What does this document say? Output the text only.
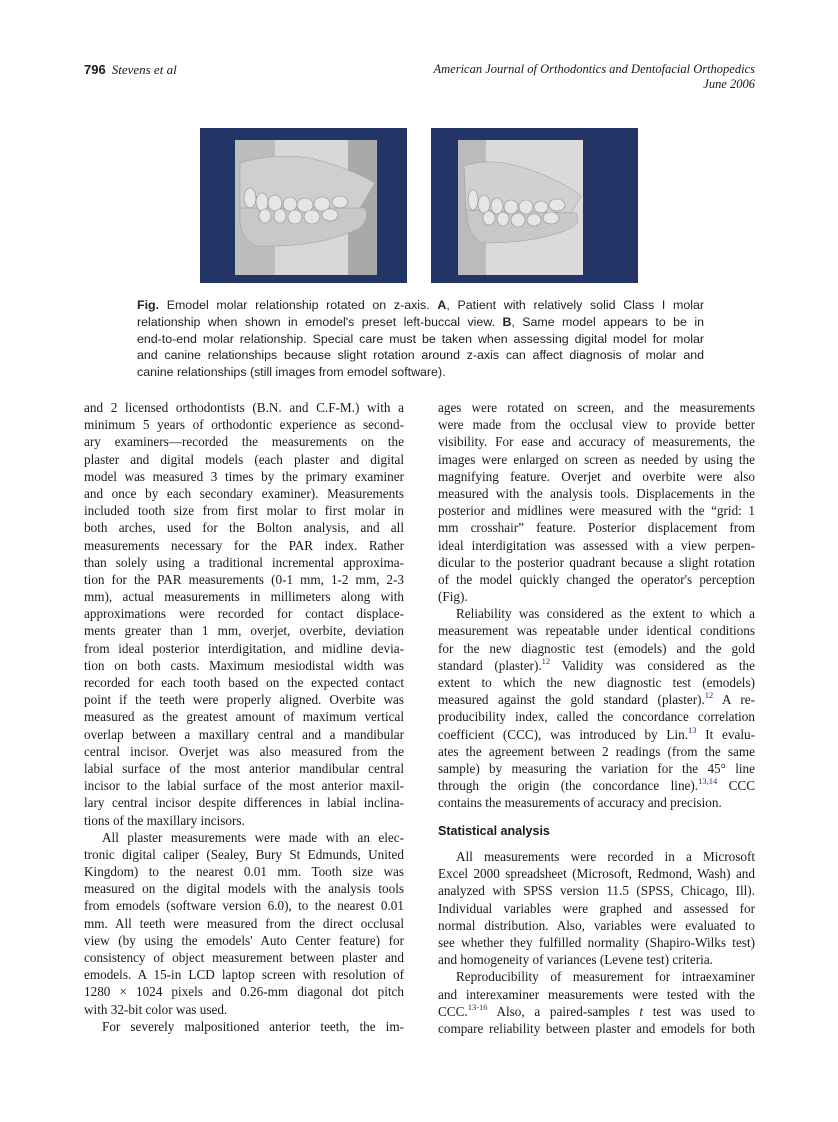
796 Stevens et al	American Journal of Orthodontics and Dentofacial Orthopedics
June 2006
A	B
Fig. Emodel molar relationship rotated on z-axis. A, Patient with relatively solid Class I molar
relationship when shown in emodel's preset left-buccal view. B, Same model appears to be in
end-to-end molar relationship. Special care must be taken when assessing digital model for molar
and canine relationships because slight rotation around z-axis can affect diagnosis of molar and
canine relationships (still images from emodel software).
and 2 licensed orthodontists (B.N. and C.F-M.) with a
minimum 5 years of orthodontic experience as second-
ary examiners—recorded the measurements on the
plaster and digital models (each plaster and digital
model was measured 3 times by the primary examiner
and once by each secondary examiner). Measurements
included tooth size from first molar to first molar in
both arches, used for the Bolton analysis, and all
measurements necessary for the PAR index. Rather
than solely using a traditional incremental approxima-
tion for the PAR measurements (0-1 mm, 1-2 mm, 2-3
mm), actual measurements in millimeters along with
approximations were recorded for contact displace-
ments greater than 1 mm, overjet, overbite, deviation
from ideal posterior interdigitation, and midline devia-
tion on both casts. Maximum mesiodistal width was
recorded for each tooth based on the expected contact
point if the teeth were properly aligned. Overbite was
measured as the greatest amount of maximum vertical
overlap between a maxillary central and a mandibular
central incisor. Overjet was also measured from the
labial surface of the most anterior mandibular central
incisor to the labial surface of the most anterior maxil-
lary central incisor despite differences in labial inclina-
tions of the maxillary incisors.
All plaster measurements were made with an elec-
tronic digital caliper (Sealey, Bury St Edmunds, United
Kingdom) to the nearest 0.01 mm. Tooth size was
measured on the digital models with the analysis tools
from emodels (software version 6.0), to the nearest 0.01
mm. All teeth were measured from the direct occlusal
view (by using the emodels' Auto Center feature) for
consistency of object measurement between plaster and
emodels. A 15-in LCD laptop screen with resolution of
1280 × 1024 pixels and 0.26-mm diagonal dot pitch
with 32-bit color was used.
For severely malpositioned anterior teeth, the im-
ages were rotated on screen, and the measurements
were made from the occlusal view to provide better
visibility. For ease and accuracy of measurements, the
images were enlarged on screen as needed by using the
magnifying feature. Overjet and overbite were also
measured with the analysis tools. Displacements in the
posterior and midlines were measured with the “grid: 1
mm crosshair” feature. Posterior displacement from
ideal interdigitation was assessed with a view perpen-
dicular to the posterior quadrant because a slight rotation
of the model quickly changed the operator's perception
(Fig).
Reliability was considered as the extent to which a
measurement was repeatable under identical conditions
for the new diagnostic test (emodels) and the gold
standard (plaster).$^{12}$ Validity was considered as the
extent to which the new diagnostic test (emodels)
measured against the gold standard (plaster).$^{12}$ A re-
producibility index, called the concordance correlation
coefficient (CCC), was introduced by Lin.$^{13}$ It evalu-
ates the agreement between 2 readings (from the same
sample) by measuring the variation for the 45° line
through the origin (the concordance line).$^{13,14}$ CCC
contains the measurements of accuracy and precision.
Statistical analysis
All measurements were recorded in a Microsoft
Excel 2000 spreadsheet (Microsoft, Redmond, Wash) and
analyzed with SPSS version 11.5 (SPSS, Chicago, Ill).
Individual variables were graphed and assessed for
normal distribution. Also, variables were evaluated to
see whether they fulfilled normality (Shapiro-Wilks test)
and homogeneity of variances (Levene test) criteria.
Reproducibility of measurement for intraexaminer
and interexaminer measurements were tested with the
CCC.$^{13-16}$ Also, a paired-samples t test was used to
compare reliability between plaster and emodels for both
